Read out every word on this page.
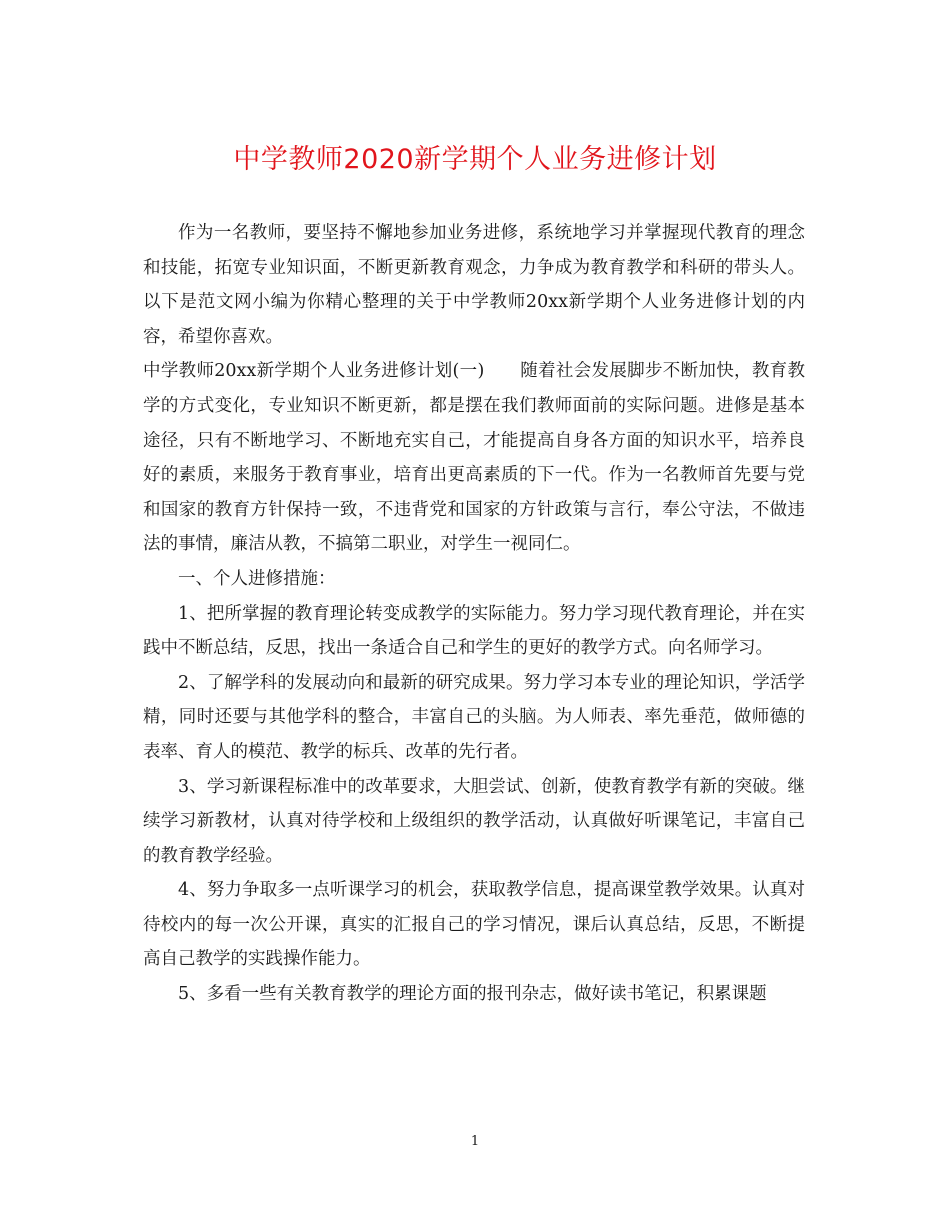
中学教师2020新学期个人业务进修计划

作为一名教师，要坚持不懈地参加业务进修，系统地学习并掌握现代教育的理念和技能，拓宽专业知识面，不断更新教育观念，力争成为教育教学和科研的带头人。以下是范文网小编为你精心整理的关于中学教师20xx新学期个人业务进修计划的内容，希望你喜欢。

中学教师20xx新学期个人业务进修计划(一)　　随着社会发展脚步不断加快，教育教学的方式变化，专业知识不断更新，都是摆在我们教师面前的实际问题。进修是基本途径，只有不断地学习、不断地充实自己，才能提高自身各方面的知识水平，培养良好的素质，来服务于教育事业，培育出更高素质的下一代。作为一名教师首先要与党和国家的教育方针保持一致，不违背党和国家的方针政策与言行，奉公守法，不做违法的事情，廉洁从教，不搞第二职业，对学生一视同仁。

一、个人进修措施：

1、把所掌握的教育理论转变成教学的实际能力。努力学习现代教育理论，并在实践中不断总结，反思，找出一条适合自己和学生的更好的教学方式。向名师学习。

2、了解学科的发展动向和最新的研究成果。努力学习本专业的理论知识，学活学精，同时还要与其他学科的整合，丰富自己的头脑。为人师表、率先垂范，做师德的表率、育人的模范、教学的标兵、改革的先行者。

3、学习新课程标准中的改革要求，大胆尝试、创新，使教育教学有新的突破。继续学习新教材，认真对待学校和上级组织的教学活动，认真做好听课笔记，丰富自己的教育教学经验。

4、努力争取多一点听课学习的机会，获取教学信息，提高课堂教学效果。认真对待校内的每一次公开课，真实的汇报自己的学习情况，课后认真总结，反思，不断提高自己教学的实践操作能力。

5、多看一些有关教育教学的理论方面的报刊杂志，做好读书笔记，积累课题

1
